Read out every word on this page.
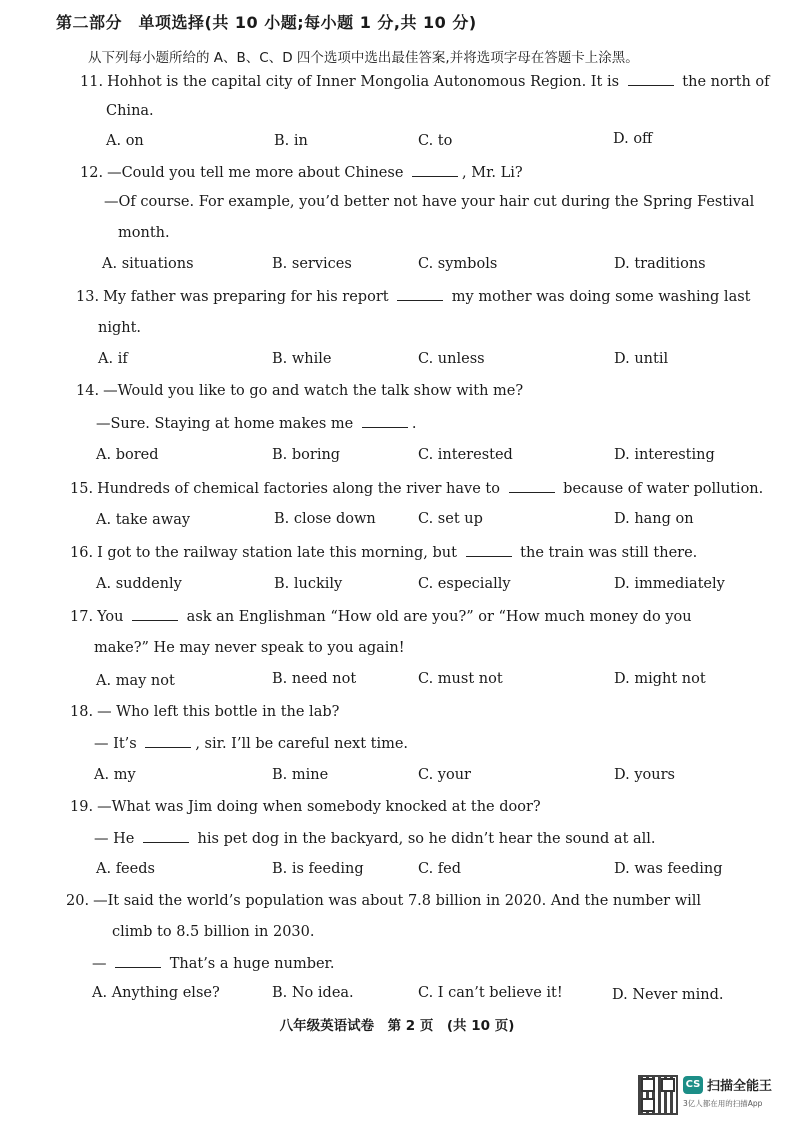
第二部分　单项选择(共 10 小题;每小题 1 分,共 10 分)
从下列每小题所给的 A、B、C、D 四个选项中选出最佳答案,并将选项字母在答题卡上涂黑。
11. Hohhot is the capital city of Inner Mongolia Autonomous Region. It is	the north of
China.
A. on	B. in	C. to	D. off
12. —Could you tell me more about Chinese	, Mr. Li?
—Of course. For example, you’d better not have your hair cut during the Spring Festival
month.
A. situations	B. services	C. symbols	D. traditions
13. My father was preparing for his report	my mother was doing some washing last
night.
A. if	B. while	C. unless	D. until
14. —Would you like to go and watch the talk show with me?
—Sure. Staying at home makes me	.
A. bored	B. boring	C. interested	D. interesting
15. Hundreds of chemical factories along the river have to	because of water pollution.
A. take away	B. close down	C. set up	D. hang on
16. I got to the railway station late this morning, but	the train was still there.
A. suddenly	B. luckily	C. especially	D. immediately
17. You	ask an Englishman “How old are you?” or “How much money do you
make?” He may never speak to you again!
A. may not	B. need not	C. must not	D. might not
18. — Who left this bottle in the lab?
— It’s	, sir. I’ll be careful next time.
A. my	B. mine	C. your	D. yours
19. —What was Jim doing when somebody knocked at the door?
— He	his pet dog in the backyard, so he didn’t hear the sound at all.
A. feeds	B. is feeding	C. fed	D. was feeding
20. —It said the world’s population was about 7.8 billion in 2020. And the number will
climb to 8.5 billion in 2030.
—	That’s a huge number.
A. Anything else?	B. No idea.	C. I can’t believe it!	D. Never mind.
八年级英语试卷　第 2 页　(共 10 页)
CS 扫描全能王
3亿人都在用的扫描App
